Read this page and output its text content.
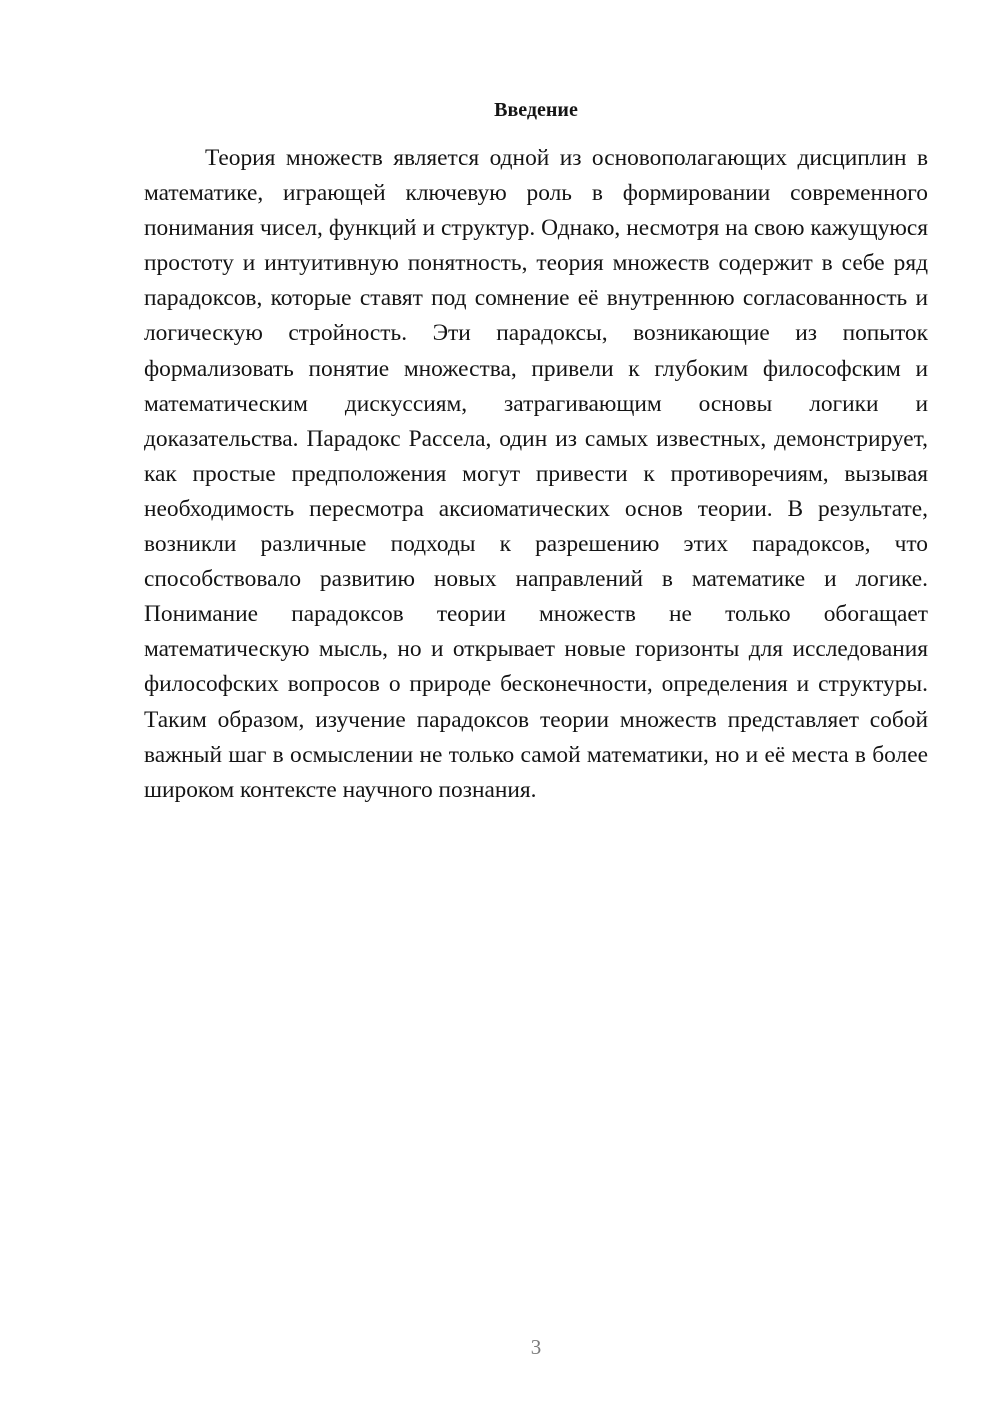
Введение

Теория множеств является одной из основополагающих дисциплин в математике, играющей ключевую роль в формировании современного понимания чисел, функций и структур. Однако, несмотря на свою кажущуюся простоту и интуитивную понятность, теория множеств содержит в себе ряд парадоксов, которые ставят под сомнение её внутреннюю согласованность и логическую стройность. Эти парадоксы, возникающие из попыток формализовать понятие множества, привели к глубоким философским и математическим дискуссиям, затрагивающим основы логики и доказательства. Парадокс Рассела, один из самых известных, демонстрирует, как простые предположения могут привести к противоречиям, вызывая необходимость пересмотра аксиоматических основ теории. В результате, возникли различные подходы к разрешению этих парадоксов, что способствовало развитию новых направлений в математике и логике. Понимание парадоксов теории множеств не только обогащает математическую мысль, но и открывает новые горизонты для исследования философских вопросов о природе бесконечности, определения и структуры. Таким образом, изучение парадоксов теории множеств представляет собой важный шаг в осмыслении не только самой математики, но и её места в более широком контексте научного познания.

3
